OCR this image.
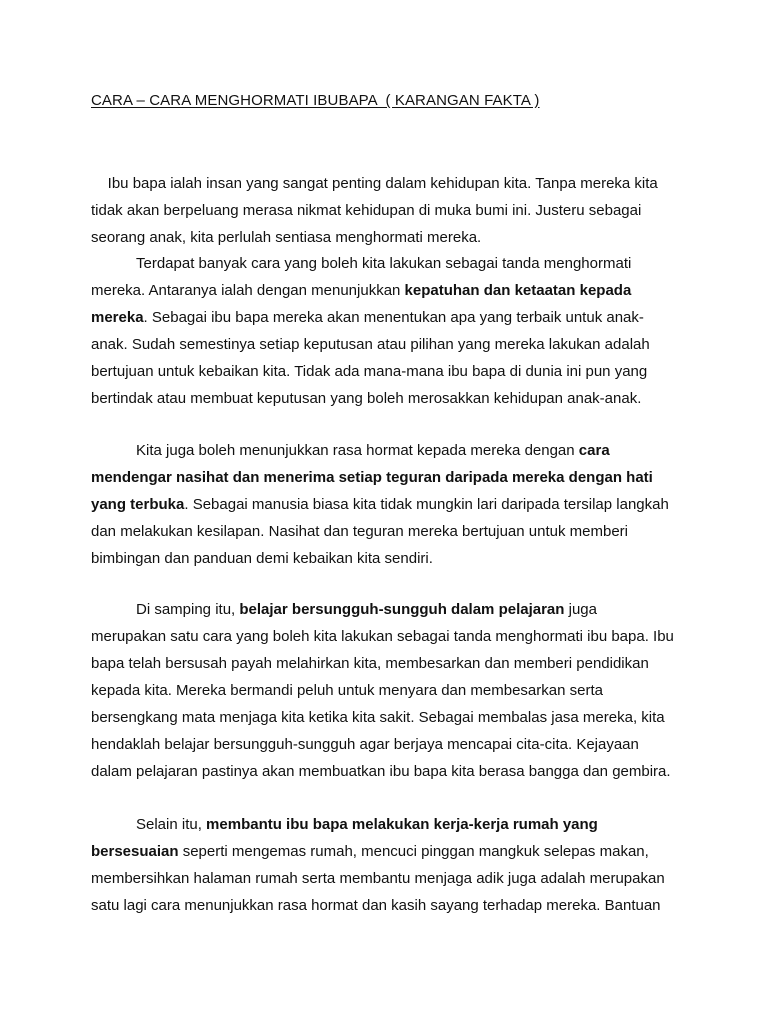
CARA – CARA MENGHORMATI IBUBAPA  ( KARANGAN FAKTA )

Ibu bapa ialah insan yang sangat penting dalam kehidupan kita. Tanpa mereka kita
tidak akan berpeluang merasa nikmat kehidupan di muka bumi ini. Justeru sebagai
seorang anak, kita perlulah sentiasa menghormati mereka.

Terdapat banyak cara yang boleh kita lakukan sebagai tanda menghormati
mereka. Antaranya ialah dengan menunjukkan kepatuhan dan ketaatan kepada
mereka. Sebagai ibu bapa mereka akan menentukan apa yang terbaik untuk anak-
anak. Sudah semestinya setiap keputusan atau pilihan yang mereka lakukan adalah
bertujuan untuk kebaikan kita. Tidak ada mana-mana ibu bapa di dunia ini pun yang
bertindak atau membuat keputusan yang boleh merosakkan kehidupan anak-anak.

Kita juga boleh menunjukkan rasa hormat kepada mereka dengan cara
mendengar nasihat dan menerima setiap teguran daripada mereka dengan hati
yang terbuka. Sebagai manusia biasa kita tidak mungkin lari daripada tersilap langkah
dan melakukan kesilapan. Nasihat dan teguran mereka bertujuan untuk memberi
bimbingan dan panduan demi kebaikan kita sendiri.

Di samping itu, belajar bersungguh-sungguh dalam pelajaran juga
merupakan satu cara yang boleh kita lakukan sebagai tanda menghormati ibu bapa. Ibu
bapa telah bersusah payah melahirkan kita, membesarkan dan memberi pendidikan
kepada kita. Mereka bermandi peluh untuk menyara dan membesarkan serta
bersengkang mata menjaga kita ketika kita sakit. Sebagai membalas jasa mereka, kita
hendaklah belajar bersungguh-sungguh agar berjaya mencapai cita-cita. Kejayaan
dalam pelajaran pastinya akan membuatkan ibu bapa kita berasa bangga dan gembira.

Selain itu, membantu ibu bapa melakukan kerja-kerja rumah yang
bersesuaian seperti mengemas rumah, mencuci pinggan mangkuk selepas makan,
membersihkan halaman rumah serta membantu menjaga adik juga adalah merupakan
satu lagi cara menunjukkan rasa hormat dan kasih sayang terhadap mereka. Bantuan
